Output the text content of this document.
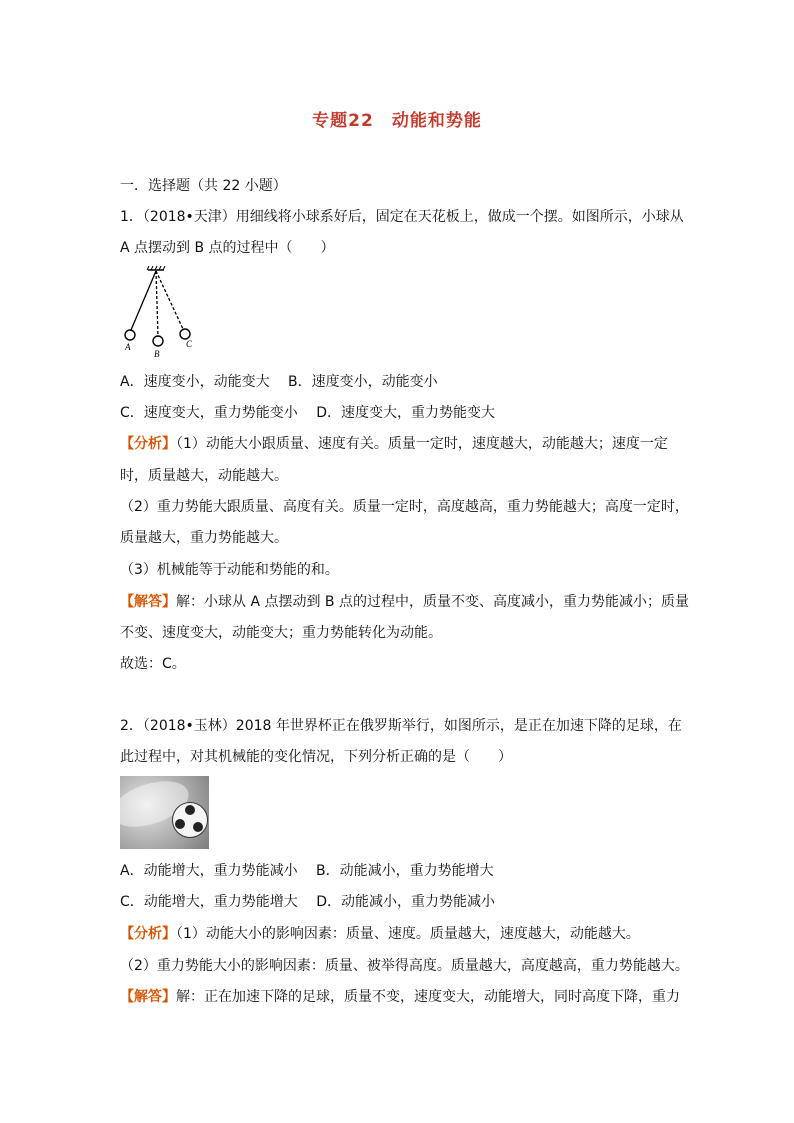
专题22　动能和势能
一．选择题（共 22 小题）
1．（2018•天津）用细线将小球系好后，固定在天花板上，做成一个摆。如图所示，小球从
A 点摆动到 B 点的过程中（　　）
A
B
C
A．速度变小，动能变大　 B．速度变小，动能变小
C．速度变大，重力势能变小　 D．速度变大，重力势能变大
【分析】（1）动能大小跟质量、速度有关。质量一定时，速度越大，动能越大；速度一定
时，质量越大，动能越大。
（2）重力势能大跟质量、高度有关。质量一定时，高度越高，重力势能越大；高度一定时，
质量越大，重力势能越大。
（3）机械能等于动能和势能的和。
【解答】解：小球从 A 点摆动到 B 点的过程中，质量不变、高度减小，重力势能减小；质量
不变、速度变大，动能变大；重力势能转化为动能。
故选：C。
2．（2018•玉林）2018 年世界杯正在俄罗斯举行，如图所示，是正在加速下降的足球，在
此过程中，对其机械能的变化情况，下列分析正确的是（　　）
A．动能增大，重力势能减小　 B．动能减小，重力势能增大
C．动能增大，重力势能增大　 D．动能减小，重力势能减小
【分析】（1）动能大小的影响因素：质量、速度。质量越大，速度越大，动能越大。
（2）重力势能大小的影响因素：质量、被举得高度。质量越大，高度越高，重力势能越大。
【解答】解：正在加速下降的足球，质量不变，速度变大，动能增大，同时高度下降，重力
